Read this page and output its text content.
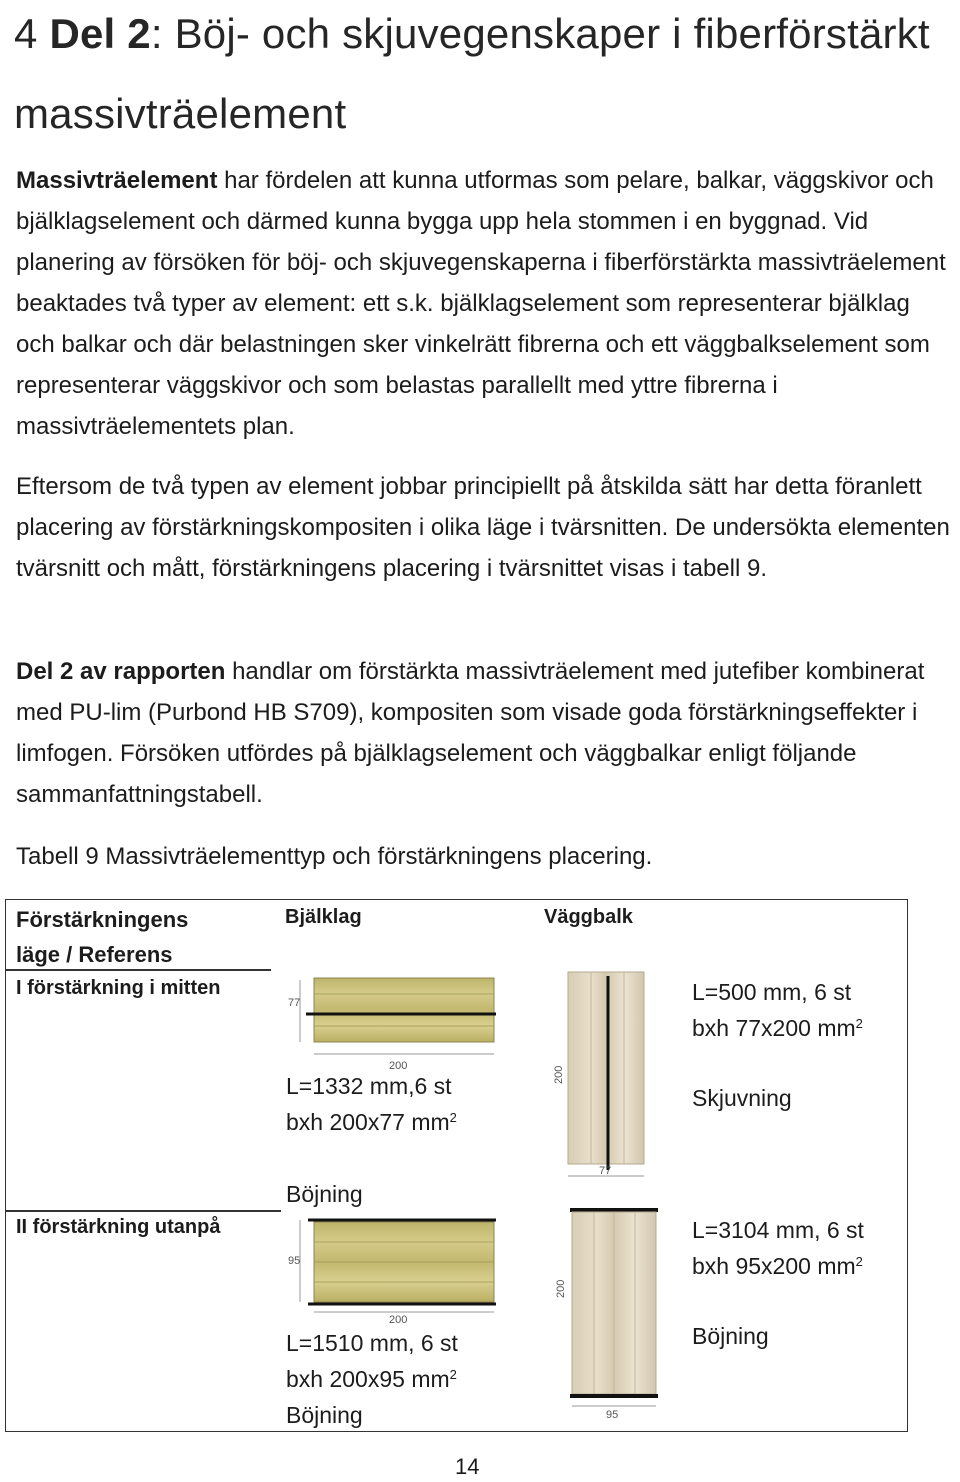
4 Del 2: Böj- och skjuvegenskaper i fiberförstärkt massivträelement

Massivträelement har fördelen att kunna utformas som pelare, balkar, väggskivor och bjälklagselement och därmed kunna bygga upp hela stommen i en byggnad. Vid planering av försöken för böj- och skjuvegenskaperna i fiberförstärkta massivträelement beaktades två typer av element: ett s.k. bjälklagselement som representerar bjälklag och balkar och där belastningen sker vinkelrätt fibrerna och ett väggbalkselement som representerar väggskivor och som belastas parallellt med yttre fibrerna i massivträelementets plan.

Eftersom de två typen av element jobbar principiellt på åtskilda sätt har detta föranlett placering av förstärkningskompositen i olika läge i tvärsnitten. De undersökta elementen tvärsnitt och mått, förstärkningens placering i tvärsnittet visas i tabell 9.

Del 2 av rapporten handlar om förstärkta massivträelement med jutefiber kombinerat med PU-lim (Purbond HB S709), kompositen som visade goda förstärkningseffekter i limfogen. Försöken utfördes på bjälklagselement och väggbalkar enligt följande sammanfattningstabell.

Tabell 9 Massivträelementtyp och förstärkningens placering.

Förstärkningens
läge / Referens
Bjälklag	Väggbalk
I förstärkning i mitten
L=1332 mm,6 st
bxh 200x77 $mm^2$
Böjning
L=500 mm, 6 st
bxh 77x200 $mm^2$
Skjuvning
II förstärkning utanpå
L=1510 mm, 6 st
bxh 200x95 $mm^2$
Böjning
L=3104 mm, 6 st
bxh 95x200 $mm^2$
Böjning
77
200	200
77
95
200
200
95
14
